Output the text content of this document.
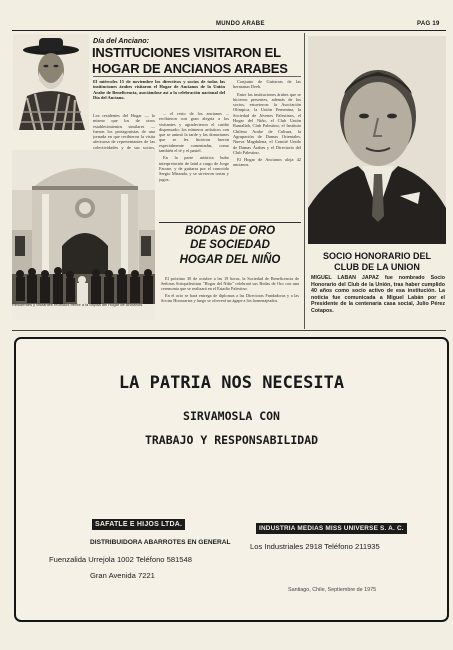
MUNDO ARABE	PAG 19
Día del Anciano:
INSTITUCIONES VISITARON EL
HOGAR DE ANCIANOS ARABES
El miércoles 15 de noviembre los directivos y socios de todas las instituciones árabes visitaron el Hogar de Ancianos de la Unión Arabe de Beneficencia, asociándose así a la celebración nacional del Día del Anciano.
Los residentes del Hogar — lo mismo que los de otros establecimientos similares — fueron los protagonistas de una jornada en que recibieron la visita afectuosa de representantes de las colectividades y de sus socios,

... el resto de los ancianos ... recibieron con gran alegría a los visitantes y agradecieron el cariño dispensado; los números artísticos con que se animó la tarde y las donaciones que se les hicieron fueron especialmente comentadas, como también el té y el pastel.

En la parte artística hubo interpretación de laúd a cargo de Jorge Facuse, y de guitarra por el conocido Sergio Miranda, y se sirvieron tortas y jugos.

Conjunto de Guitarras de las hermanas Deeb.

Entre las instituciones árabes que se hicieron presentes, además de los socios, estuvieron: la Asociación Olímpica, la Unión Femenina, la Sociedad de Jóvenes Palestinos, el Hogar del Niño, el Club Unión Ramallah, Club Palestino, el Instituto Chileno Arabe de Cultura, la Agrupación de Damas Orientales, Nueva Magdalena, el Comité Unido de Damas Árabes y el Directorio del Club Palestino.

El Hogar de Ancianos aloja 42 ancianos.

Residentes y visitantes reunidos frente a la capilla del Hogar de Ancianos.
BODAS DE ORO
DE SOCIEDAD
HOGAR DEL NIÑO

El próximo 30 de octubre a las 19 horas, la Sociedad de Beneficencia de Señoras Siriopalestinas "Hogar del Niño" celebrará sus Bodas de Oro con una ceremonia que se realizará en el Estadio Palestino.

En el acto se hará entrega de diplomas a las Directoras Fundadoras y a las Socias Honorarias y luego se ofrecerá un ágape a los homenajeados.

SOCIO HONORARIO DEL
CLUB DE LA UNION
MIGUEL LABAN JAPAZ fue nombrado Socio Honorario del Club de la Unión, tras haber cumplido 40 años como socio activo de esa institución. La noticia fue comunicada a Miguel Labán por el Presidente de la centenaria casa social, Julio Pérez Cotapos.
LA PATRIA NOS NECESITA
SIRVAMOSLA CON
TRABAJO Y RESPONSABILIDAD
SAFATLE E HIJOS LTDA.
DISTRIBUIDORA ABARROTES EN GENERAL
Fuenzalida Urrejola 1002 Teléfono 581548
Gran Avenida 7221
INDUSTRIA MEDIAS MISS UNIVERSE S. A. C.
Los Industriales 2918 Teléfono 211935
Santiago, Chile, Septiembre de 1975
